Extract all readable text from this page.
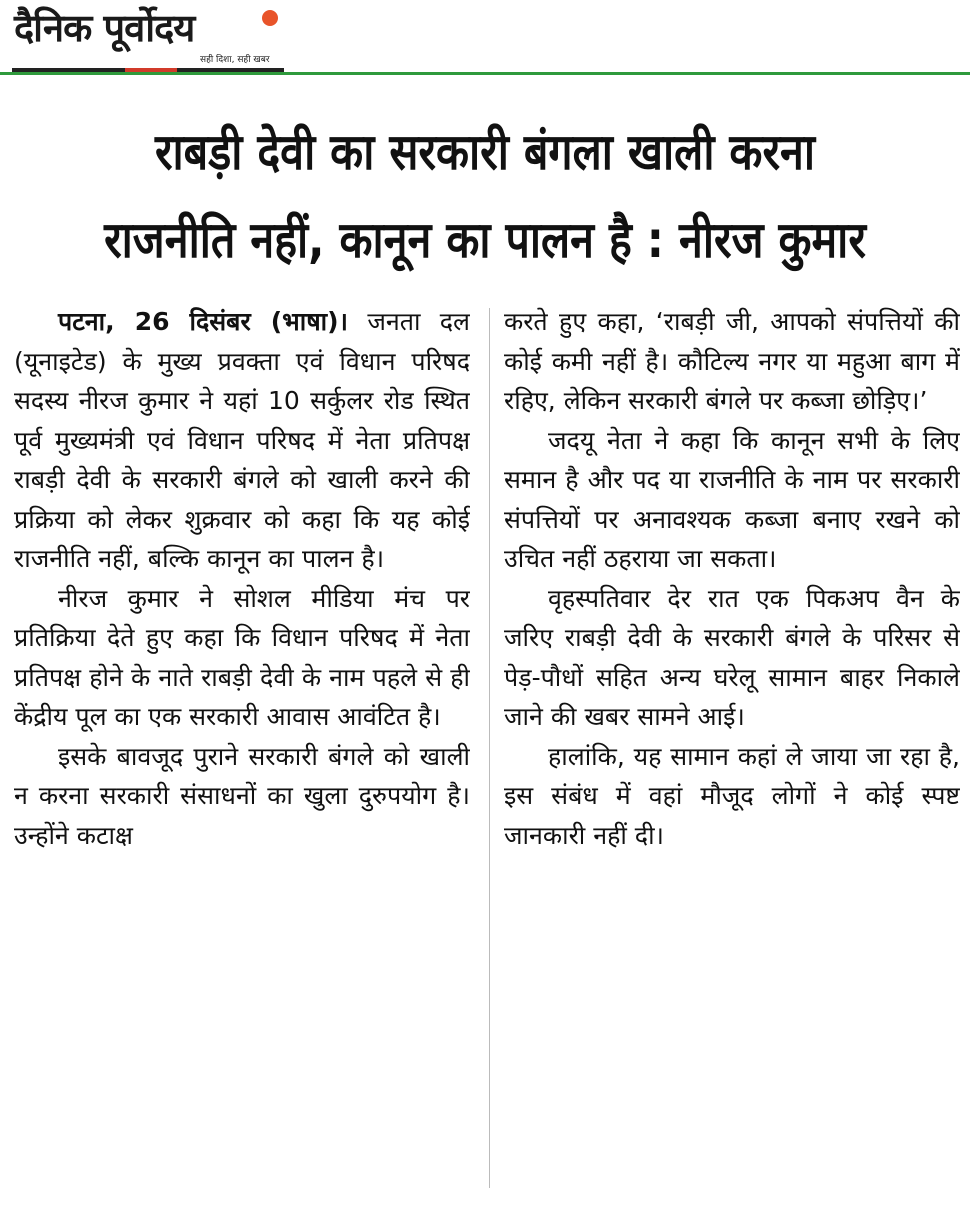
दैनिक पूर्वोदय
सही दिशा, सही खबर
राबड़ी देवी का सरकारी बंगला खाली करना राजनीति नहीं, कानून का पालन है : नीरज कुमार

पटना, 26 दिसंबर (भाषा)। जनता दल (यूनाइटेड) के मुख्य प्रवक्ता एवं विधान परिषद सदस्य नीरज कुमार ने यहां 10 सर्कुलर रोड स्थित पूर्व मुख्यमंत्री एवं विधान परिषद में नेता प्रतिपक्ष राबड़ी देवी के सरकारी बंगले को खाली करने की प्रक्रिया को लेकर शुक्रवार को कहा कि यह कोई राजनीति नहीं, बल्कि कानून का पालन है।

नीरज कुमार ने सोशल मीडिया मंच पर प्रतिक्रिया देते हुए कहा कि विधान परिषद में नेता प्रतिपक्ष होने के नाते राबड़ी देवी के नाम पहले से ही केंद्रीय पूल का एक सरकारी आवास आवंटित है।

इसके बावजूद पुराने सरकारी बंगले को खाली न करना सरकारी संसाधनों का खुला दुरुपयोग है। उन्होंने कटाक्ष

करते हुए कहा, ‘राबड़ी जी, आपको संपत्तियों की कोई कमी नहीं है। कौटिल्य नगर या महुआ बाग में रहिए, लेकिन सरकारी बंगले पर कब्जा छोड़िए।’

जदयू नेता ने कहा कि कानून सभी के लिए समान है और पद या राजनीति के नाम पर सरकारी संपत्तियों पर अनावश्यक कब्जा बनाए रखने को उचित नहीं ठहराया जा सकता।

वृहस्पतिवार देर रात एक पिकअप वैन के जरिए राबड़ी देवी के सरकारी बंगले के परिसर से पेड़-पौधों सहित अन्य घरेलू सामान बाहर निकाले जाने की खबर सामने आई।

हालांकि, यह सामान कहां ले जाया जा रहा है, इस संबंध में वहां मौजूद लोगों ने कोई स्पष्ट जानकारी नहीं दी।
